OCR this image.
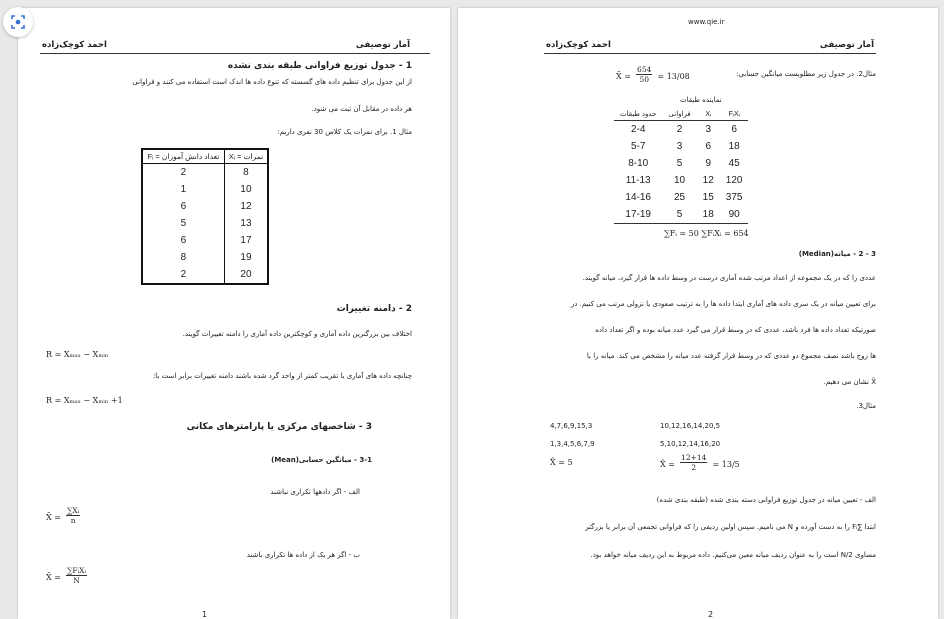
آمار توصیفی
احمد کوچک‌زاده
1 - جدول توزیع فراوانی طبقه بندی نشده
از این جدول برای تنظیم داده های گسسته که تنوع داده ها اندک است استفاده می کنند و فراوانی
هر داده در مقابل آن ثبت می شود.
مثال 1. برای نمرات یک کلاس 30 نفری داریم:
تعداد دانش آموزان = Fᵢ	نمرات = Xᵢ
2	8
1	10
6	12
5	13
6	17
8	19
2	20
2 - دامنه تغییرات
اختلاف بین بزرگترین داده آماری و کوچکترین داده آماری را دامنه تغییرات گویند.
R = Xₘₐₓ − Xₘᵢₙ
چنانچه داده های آماری با تقریب کمتر از واحد گرد شده باشند دامنه تغییرات برابر است با:
R = Xₘₐₓ − Xₘᵢₙ +1
3 - شاخصهای مرکزی یا پارامترهای مکانی
3-1 - میانگین حسابی(Mean)
الف - اگر دادهها تکراری نباشند
X̄ = $\frac{\text{∑Xᵢ}}{n}$
ب - اگر هر یک از داده ها تکراری باشند
X̄ = $\frac{\text{∑FᵢXᵢ}}{N}$
1
www.qie.ir
آمار توصیفی
احمد کوچک‌زاده
مثال2. در جدول زیر مطلوبست میانگین حسابی:
X̄ = $\frac{654}{50} = 13/08$
نماینده طبقات
حدود طبقات	فراوانی	Xᵢ	FᵢXᵢ
2-4	2	3	6
5-7	3	6	18
8-10	5	9	45
11-13	10	12	120
14-16	25	15	375
17-19	5	18	90
∑Fᵢ = 50 ∑FᵢXᵢ = 654
3 - 2 - میانه(Median)
عددی را که در یک مجموعه از اعداد مرتب شده آماری درست در وسط داده ها قرار گیرد، میانه گویند.
برای تعیین میانه در یک سری داده های آماری ابتدا داده ها را به ترتیب صعودی یا نزولی مرتب می کنیم. در
صورتیکه تعداد داده ها فرد باشد، عددی که در وسط قرار می گیرد عدد میانه بوده و اگر تعداد داده
ها زوج باشد نصف مجموع دو عددی که در وسط قرار گرفته عدد میانه را مشخص می کند. میانه را با
X̃ نشان می دهیم.
مثال3.
4,7,6,9,15,3
1,3,4,5,6,7,9
X̃ = 5
10,12,16,14,20,5
5,10,12,14,16,20
X̃ = $\frac{12+14}{2} = 13/5$
الف - تعیین میانه در جدول توزیع فراوانی دسته بندی شده (طبقه بندی شده)
ابتدا ∑Fᵢ را به دست آورده و N می نامیم. سپس اولین ردیفی را که فراوانی تجمعی آن برابر یا بزرگتر
مساوی N/2 است را به عنوان ردیف میانه معین می‌کنیم. داده مربوط به این ردیف میانه خواهد بود.
2
